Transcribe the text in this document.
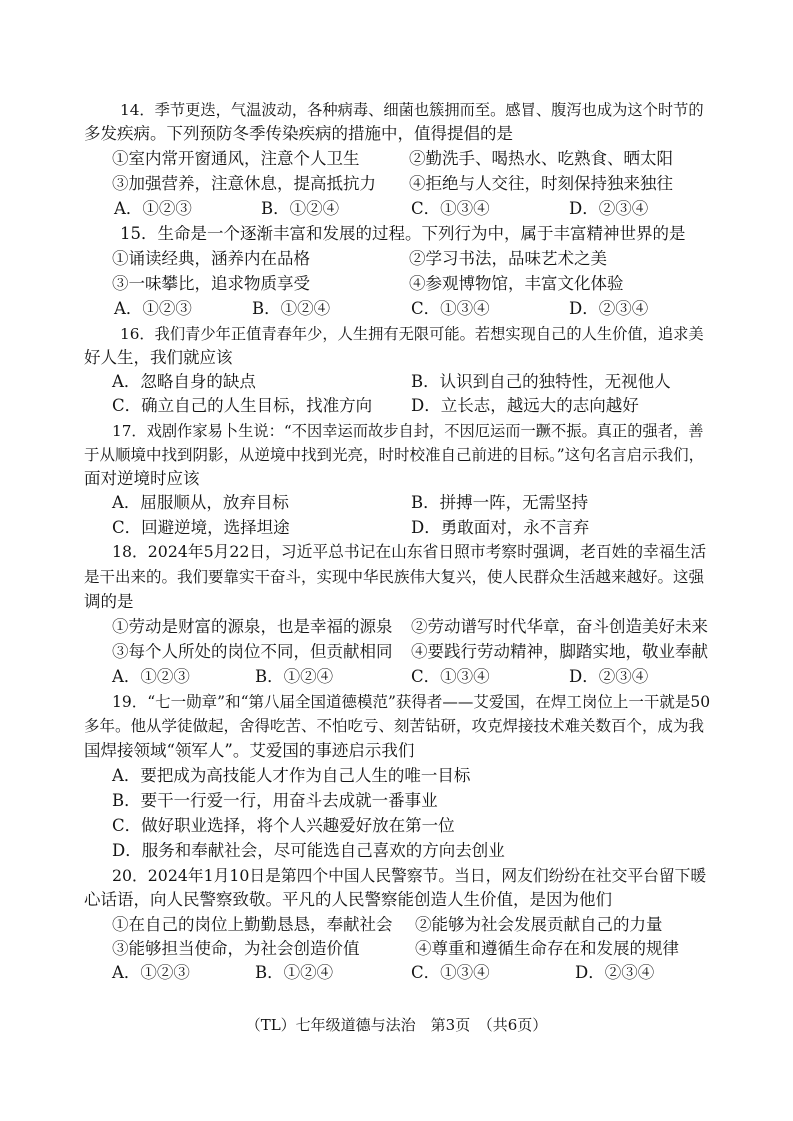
14．季节更迭，气温波动，各种病毒、细菌也簇拥而至。感冒、腹泻也成为这个时节的
多发疾病。下列预防冬季传染疾病的措施中，值得提倡的是
①室内常开窗通风，注意个人卫生	②勤洗手、喝热水、吃熟食、晒太阳
③加强营养，注意休息，提高抵抗力 ④拒绝与人交往，时刻保持独来独往
A．①②③	B．①②④	C．①③④	D．②③④
15．生命是一个逐渐丰富和发展的过程。下列行为中，属于丰富精神世界的是
①诵读经典，涵养内在品格	②学习书法，品味艺术之美
③一味攀比，追求物质享受	④参观博物馆，丰富文化体验
A．①②③	B．①②④	C．①③④	D．②③④
16．我们青少年正值青春年少，人生拥有无限可能。若想实现自己的人生价值，追求美
好人生，我们就应该
A．忽略自身的缺点	B．认识到自己的独特性，无视他人
C．确立自己的人生目标，找准方向 D．立长志，越远大的志向越好
17．戏剧作家易卜生说：“不因幸运而故步自封，不因厄运而一蹶不振。真正的强者，善
于从顺境中找到阴影，从逆境中找到光亮，时时校准自己前进的目标。”这句名言启示我们，
面对逆境时应该
A．屈服顺从，放弃目标	B．拼搏一阵，无需坚持
C．回避逆境，选择坦途	D．勇敢面对，永不言弃
18．2024年5月22日，习近平总书记在山东省日照市考察时强调，老百姓的幸福生活
是干出来的。我们要靠实干奋斗，实现中华民族伟大复兴，使人民群众生活越来越好。这强
调的是
①劳动是财富的源泉，也是幸福的源泉 ②劳动谱写时代华章，奋斗创造美好未来
③每个人所处的岗位不同，但贡献相同 ④要践行劳动精神，脚踏实地，敬业奉献
A．①②③	B．①②④	C．①③④	D．②③④
19．“七一勋章”和“第八届全国道德模范”获得者——艾爱国，在焊工岗位上一干就是50
多年。他从学徒做起，舍得吃苦、不怕吃亏、刻苦钻研，攻克焊接技术难关数百个，成为我
国焊接领域“领军人”。艾爱国的事迹启示我们
A．要把成为高技能人才作为自己人生的唯一目标
B．要干一行爱一行，用奋斗去成就一番事业
C．做好职业选择，将个人兴趣爱好放在第一位
D．服务和奉献社会，尽可能选自己喜欢的方向去创业
20．2024年1月10日是第四个中国人民警察节。当日，网友们纷纷在社交平台留下暖
心话语，向人民警察致敬。平凡的人民警察能创造人生价值，是因为他们
①在自己的岗位上勤勤恳恳，奉献社会 ②能够为社会发展贡献自己的力量
③能够担当使命，为社会创造价值	④尊重和遵循生命存在和发展的规律
A．①②③	B．①②④	C．①③④	D．②③④
（TL）七年级道德与法治　第3页　（共6页）
